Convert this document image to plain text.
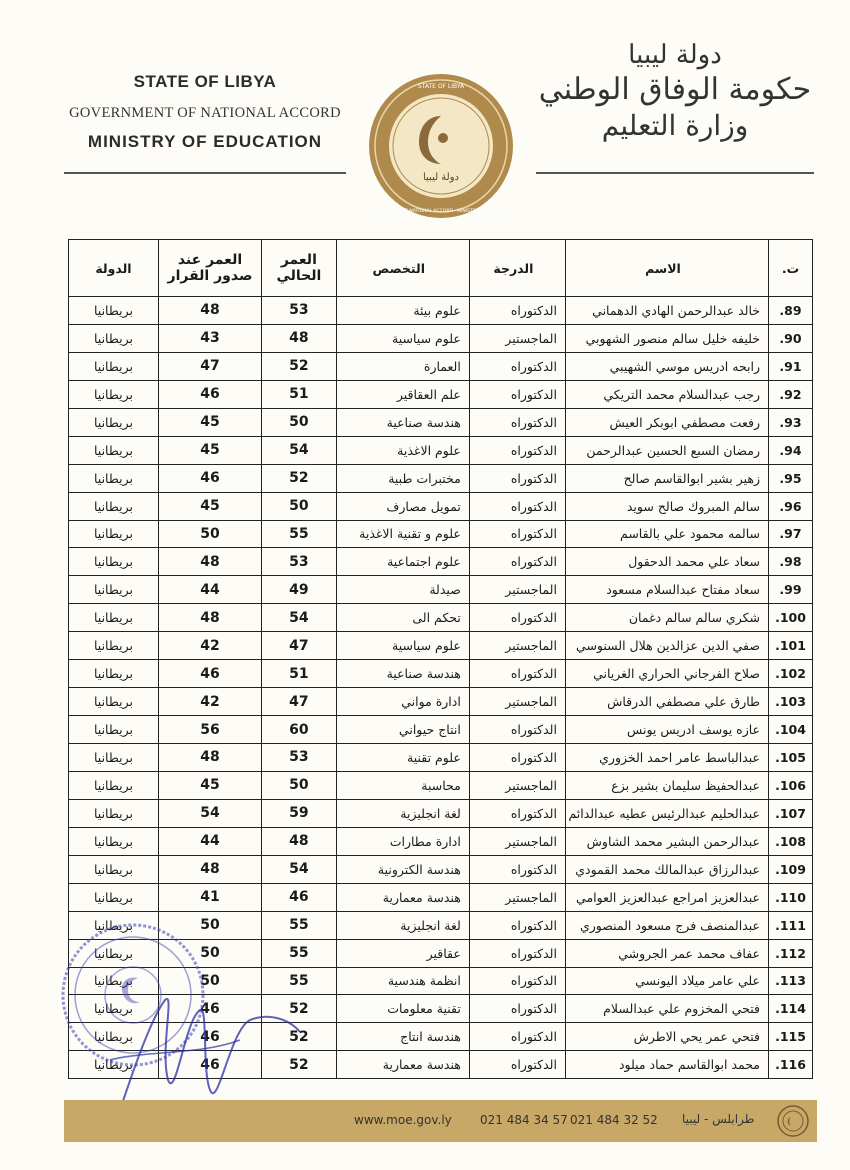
STATE OF LIBYA
GOVERNMENT OF NATIONAL ACCORD
MINISTRY OF EDUCATION
دولة ليبيا
STATE OF LIBYA
GOVERNMENT OF NATIONAL ACCORD · MINISTRY OF EDUCATION
دولة ليبيا
حكومة الوفاق الوطني
وزارة التعليم
ت.	الاسم	الدرجة	التخصص	العمر الحالي	العمر عند صدور القرار	الدولة
89.	خالد عبدالرحمن الهادي الدهماني	الدكتوراه	علوم بيئة	53	48	بريطانيا
90.	خليفه خليل سالم منصور الشهوبي	الماجستير	علوم سياسية	48	43	بريطانيا
91.	رابحه ادريس موسي الشهيبي	الدكتوراه	العمارة	52	47	بريطانيا
92.	رجب عبدالسلام محمد التريكي	الدكتوراه	علم العقاقير	51	46	بريطانيا
93.	رفعت مصطفي ابوبكر العيش	الدكتوراه	هندسة صناعية	50	45	بريطانيا
94.	رمضان السبع الحسين عبدالرحمن	الدكتوراه	علوم الاغذية	54	45	بريطانيا
95.	زهير بشير ابوالقاسم صالح	الدكتوراه	مختبرات طبية	52	46	بريطانيا
96.	سالم المبروك صالح سويد	الدكتوراه	تمويل مصارف	50	45	بريطانيا
97.	سالمه محمود علي بالقاسم	الدكتوراه	علوم و تقنية الاغذية	55	50	بريطانيا
98.	سعاد علي محمد الدحقول	الدكتوراه	علوم اجتماعية	53	48	بريطانيا
99.	سعاد مفتاح عبدالسلام مسعود	الماجستير	صيدلة	49	44	بريطانيا
100.	شكري سالم سالم دغمان	الدكتوراه	تحكم الى	54	48	بريطانيا
101.	صفي الدين عزالدين هلال السنوسي	الماجستير	علوم سياسية	47	42	بريطانيا
102.	صلاح الفرجاني الحراري الغرياني	الدكتوراه	هندسة صناعية	51	46	بريطانيا
103.	طارق علي مصطفي الدرقاش	الماجستير	ادارة مواني	47	42	بريطانيا
104.	عازه يوسف ادريس يونس	الدكتوراه	انتاج حيواني	60	56	بريطانيا
105.	عبدالباسط عامر احمد الخزوري	الدكتوراه	علوم تقنية	53	48	بريطانيا
106.	عبدالحفيظ سليمان بشير بزع	الماجستير	محاسبة	50	45	بريطانيا
107.	عبدالحليم عبدالرئيس عطيه عبدالدائم	الدكتوراه	لغة انجليزية	59	54	بريطانيا
108.	عبدالرحمن البشير محمد الشاوش	الماجستير	ادارة مطارات	48	44	بريطانيا
109.	عبدالرزاق عبدالمالك محمد القمودي	الدكتوراه	هندسة الكترونية	54	48	بريطانيا
110.	عبدالعزيز امراجع عبدالعزيز العوامي	الماجستير	هندسة معمارية	46	41	بريطانيا
111.	عبدالمنصف فرج مسعود المنصوري	الدكتوراه	لغة انجليزية	55	50	بريطانيا
112.	عفاف محمد عمر الجروشي	الدكتوراه	عقاقير	55	50	بريطانيا
113.	علي عامر ميلاد اليونسي	الدكتوراه	انظمة هندسية	55	50	بريطانيا
114.	فتحي المخزوم علي عبدالسلام	الدكتوراه	تقنية معلومات	52	46	بريطانيا
115.	فتحي عمر يحي الاطرش	الدكتوراه	هندسة انتاج	52	46	بريطانيا
116.	محمد ابوالقاسم حماد ميلود	الدكتوراه	هندسة معمارية	52	46	بريطانيا
www.moe.gov.ly 021 484 34 57 021 484 32 52 طرابلس - ليبيا
